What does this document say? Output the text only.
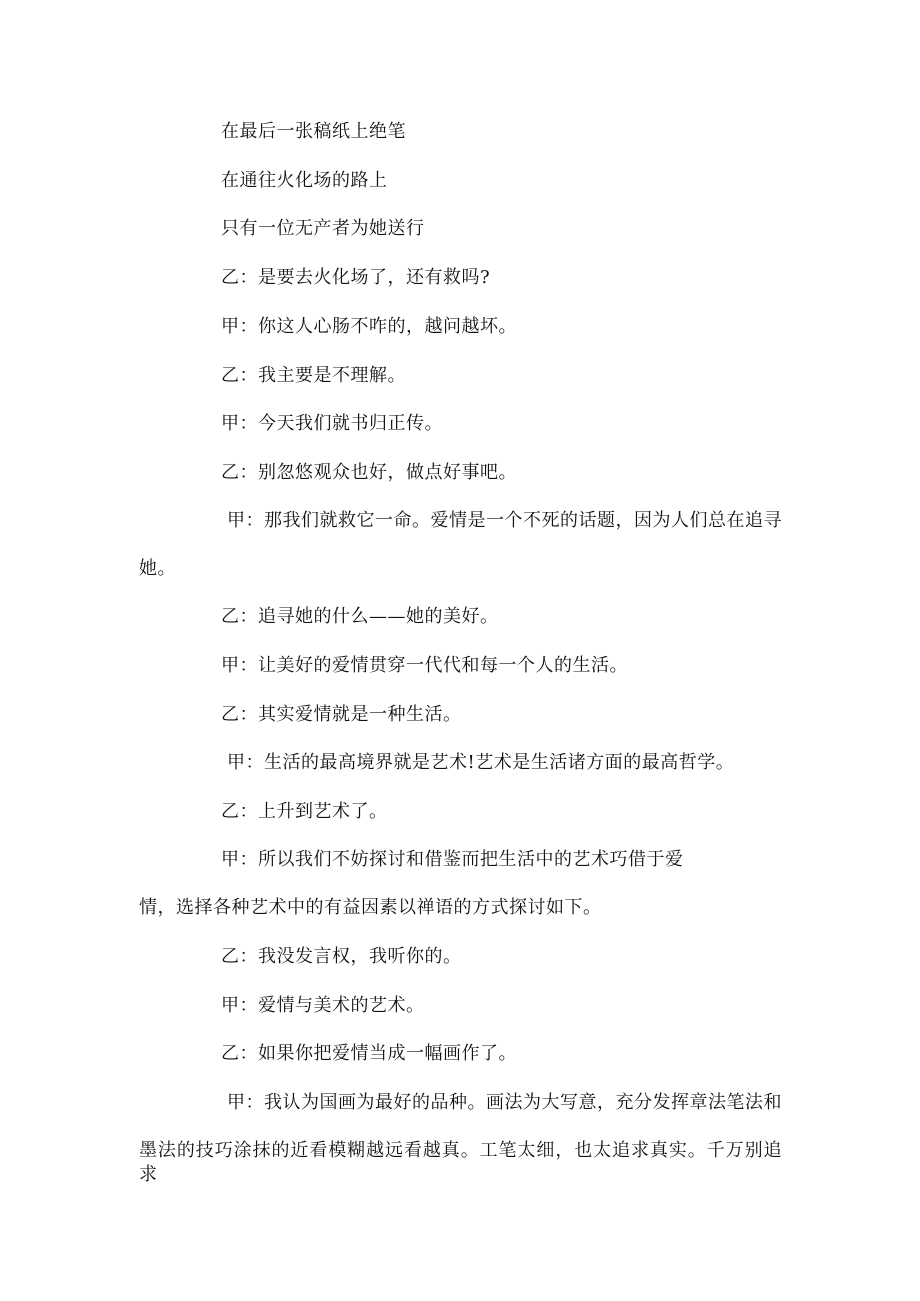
在最后一张稿纸上绝笔
在通往火化场的路上
只有一位无产者为她送行
乙：是要去火化场了，还有救吗?
甲：你这人心肠不咋的，越问越坏。
乙：我主要是不理解。
甲：今天我们就书归正传。
乙：别忽悠观众也好，做点好事吧。
甲：那我们就救它一命。爱情是一个不死的话题，因为人们总在追寻
她。
乙：追寻她的什么——她的美好。
甲：让美好的爱情贯穿一代代和每一个人的生活。
乙：其实爱情就是一种生活。
甲：生活的最高境界就是艺术!艺术是生活诸方面的最高哲学。
乙：上升到艺术了。
甲：所以我们不妨探讨和借鉴而把生活中的艺术巧借于爱
情，选择各种艺术中的有益因素以禅语的方式探讨如下。
乙：我没发言权，我听你的。
甲：爱情与美术的艺术。
乙：如果你把爱情当成一幅画作了。
甲：我认为国画为最好的品种。画法为大写意，充分发挥章法笔法和
墨法的技巧涂抹的近看模糊越远看越真。工笔太细，也太追求真实。千万别追求
